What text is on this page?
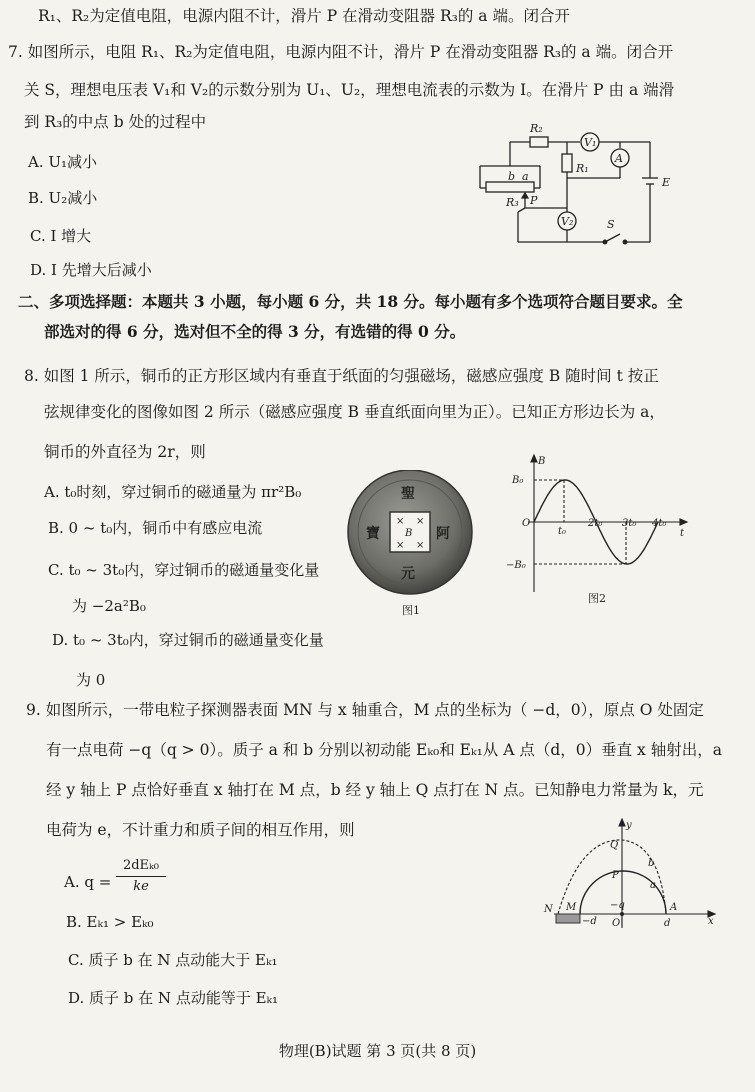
R₁、R₂为定值电阻，电源内阻不计，滑片 P 在滑动变阻器 R₃的 a 端。闭合开
7. 如图所示，电阻 R₁、R₂为定值电阻，电源内阻不计，滑片 P 在滑动变阻器 R₃的 a 端。闭合开
关 S，理想电压表 V₁和 V₂的示数分别为 U₁、U₂，理想电流表的示数为 I。在滑片 P 由 a 端滑
到 R₃的中点 b 处的过程中
A. U₁减小
B. U₂减小
C. I 增大
D. I 先增大后减小
R₂
V₁
R₁
A
E
b a
R₃ P
V₂	S
二、多项选择题：本题共 3 小题，每小题 6 分，共 18 分。每小题有多个选项符合题目要求。全
部选对的得 6 分，选对但不全的得 3 分，有选错的得 0 分。
8. 如图 1 所示，铜币的正方形区域内有垂直于纸面的匀强磁场，磁感应强度 B 随时间 t 按正
弦规律变化的图像如图 2 所示（磁感应强度 B 垂直纸面向里为正）。已知正方形边长为 a，
铜币的外直径为 2r，则
A. t₀时刻，穿过铜币的磁通量为 πr²B₀
B. 0 ~ t₀内，铜币中有感应电流
C. t₀ ~ 3t₀内，穿过铜币的磁通量变化量
为 −2a²B₀
D. t₀ ~ 3t₀内，穿过铜币的磁通量变化量
为 0
聖
阿
元
寶
× ×
× ×
B
图1
B
B₀
−B₀
O
t₀
2t₀ 3t₀ 4t₀
t
图2
9. 如图所示，一带电粒子探测器表面 MN 与 x 轴重合，M 点的坐标为（ −d，0），原点 O 处固定
有一点电荷 −q（q > 0）。质子 a 和 b 分别以初动能 Eₖ₀和 Eₖ₁从 A 点（d，0）垂直 x 轴射出，a
经 y 轴上 P 点恰好垂直 x 轴打在 M 点，b 经 y 轴上 Q 点打在 N 点。已知静电力常量为 k，元
电荷为 e，不计重力和质子间的相互作用，则
A. q =
2dEₖ₀
ke
B. Eₖ₁ > Eₖ₀
C. 质子 b 在 N 点动能大于 Eₖ₁
D. 质子 b 在 N 点动能等于 Eₖ₁
y
x
Q
P
b
a
−q
N M
−d O	d
A
物理(B)试题 第 3 页(共 8 页)
